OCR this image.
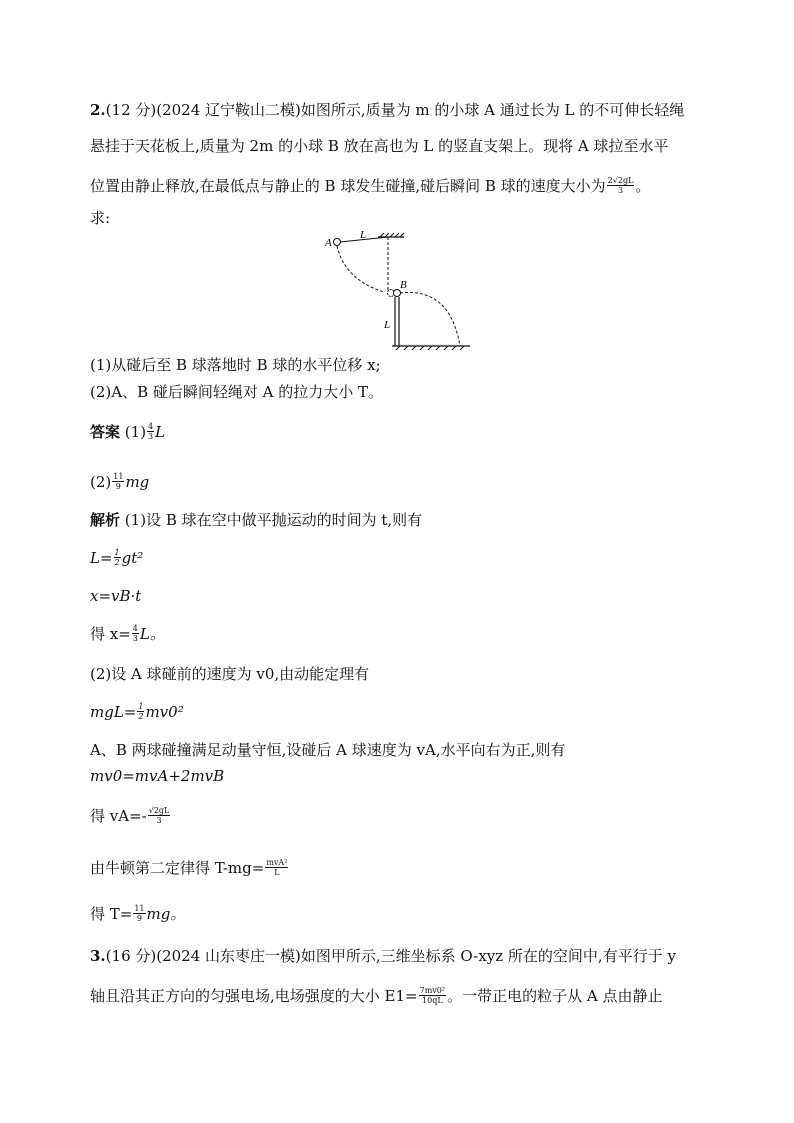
2.(12 分)(2024 辽宁鞍山二模)如图所示,质量为 m 的小球 A 通过长为 L 的不可伸长轻绳
悬挂于天花板上,质量为 2m 的小球 B 放在高也为 L 的竖直支架上。现将 A 球拉至水平
位置由静止释放,在最低点与静止的 B 球发生碰撞,碰后瞬间 B 球的速度大小为 $\frac{2√2gL}{3}$ 。
求:
A
L
B
L
(1)从碰后至 B 球落地时 B 球的水平位移 x;
(2)A、B 碰后瞬间轻绳对 A 的拉力大小 T。
答案 $(1) \frac{4}{3}$ L
$(2) \frac{11}{9}$ mg
解析 (1)设 B 球在空中做平抛运动的时间为 t,则有
$L= \frac{1}{2} gt^2$
x=vB·t
得 $x= \frac{4}{3}$ L。
(2)设 A 球碰前的速度为 v0,由动能定理有
$mgL= \frac{1}{2} mv0^2$
A、B 两球碰撞满足动量守恒,设碰后 A 球速度为 vA,水平向右为正,则有
mv0=mvA+2mvB
得 $vA=- \frac{√2gL}{3}$
由牛顿第二定律得 $T-mg= \frac{\text{mvA²}}{L}$
得 $T= \frac{11}{9}$ mg。
3.(16 分)(2024 山东枣庄一模)如图甲所示,三维坐标系 O-xyz 所在的空间中,有平行于 y
轴且沿其正方向的匀强电场,电场强度的大小 $E1= \frac{\text{7mv0²}}{10qL}$ 。一带正电的粒子从 A 点由静止
